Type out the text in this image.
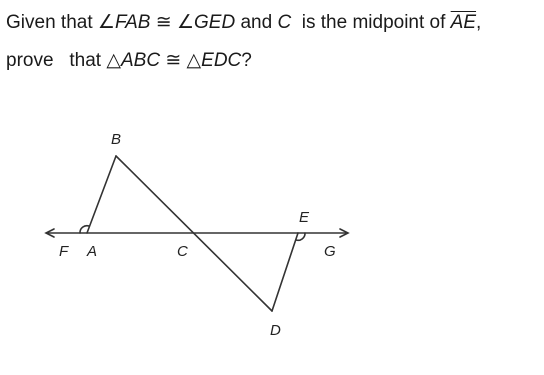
Given that ∠FAB ≅ ∠GED and C  is the midpoint of $\overline{AE}$,
prove   that △ABC ≅ △EDC?
B
E
F A	C	G
D
